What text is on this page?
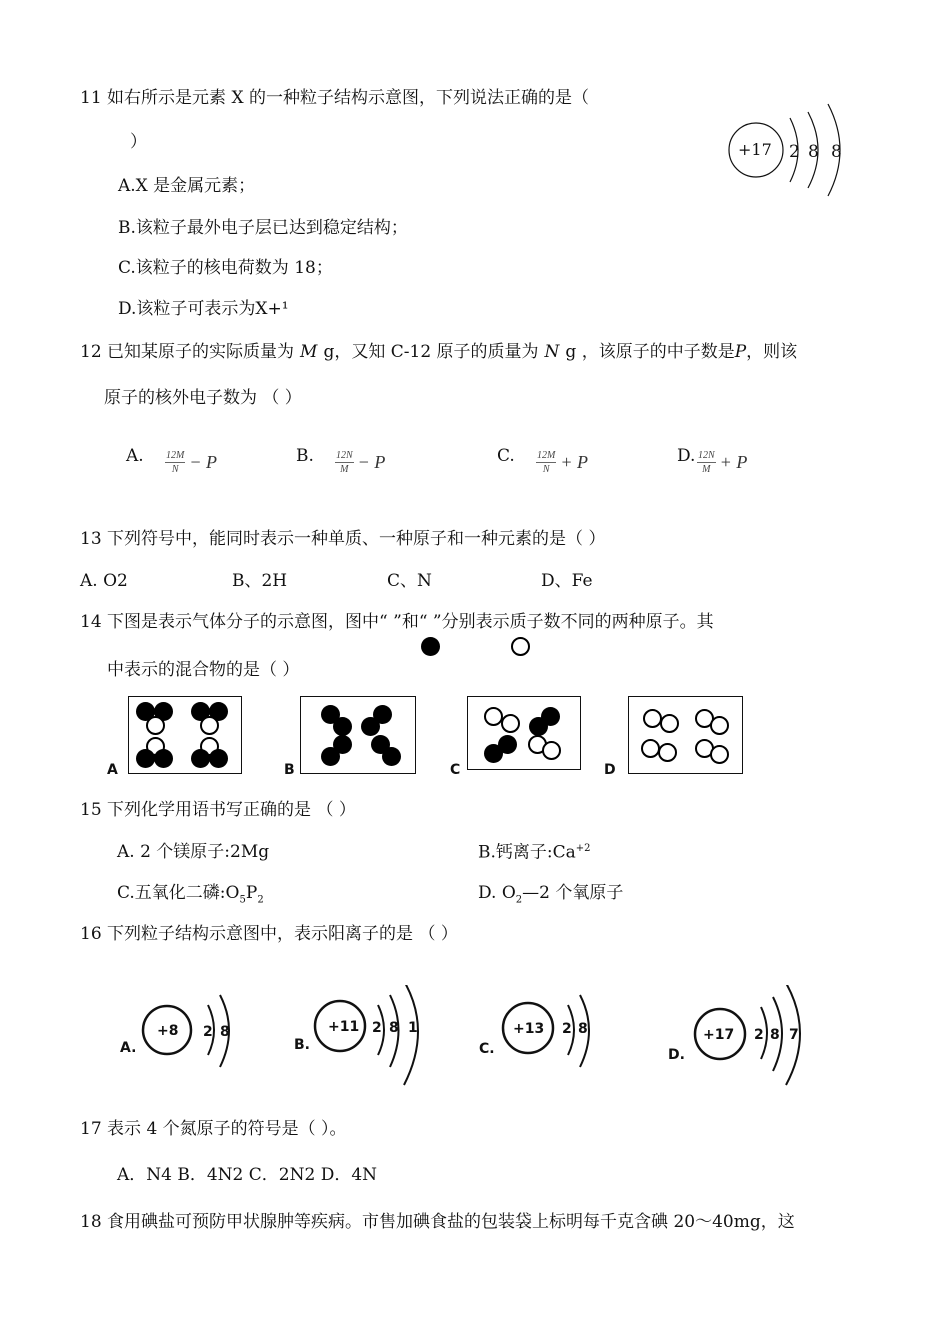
11 如右所示是元素 X 的一种粒子结构示意图，下列说法正确的是（
）
A.X 是金属元素；
B.该粒子最外电子层已达到稳定结构；
C.该粒子的核电荷数为 18；
D.该粒子可表示为X+¹
+17 2 8 8
12 已知某原子的实际质量为 M g，又知 C-12 原子的质量为 N g ，该原子的中子数是P，则该
原子的核外电子数为 （ ）
A. $\frac{12M}{N} - P$	B. $\frac{12N}{M} - P$	C. $\frac{12M}{N} + P$	D. $\frac{12N}{M} + P$
13 下列符号中，能同时表示一种单质、一种原子和一种元素的是（ ）
A. O2	B、2H	C、N	D、Fe
14 下图是表示气体分子的示意图，图中“ ”和“ ”分别表示质子数不同的两种原子。其
中表示的混合物的是（ ）
A	B	C	D
15 下列化学用语书写正确的是 （ ）
A. 2 个镁原子:2Mg	B.钙离子$:Ca^{+2}$
C.五氧化二磷$:O_5P_2$	D. $O_2—2$ 个氧原子
16 下列粒子结构示意图中，表示阳离子的是 （ ）
A.
+8 2 8
B.
+11 2 8 1
C.
+13 2 8
D.
+17 2 8 7
17 表示 4 个氮原子的符号是（ ）。
A．N4 B．4N2 C．2N2 D．4N
18 食用碘盐可预防甲状腺肿等疾病。市售加碘食盐的包装袋上标明每千克含碘 20～40mg，这
